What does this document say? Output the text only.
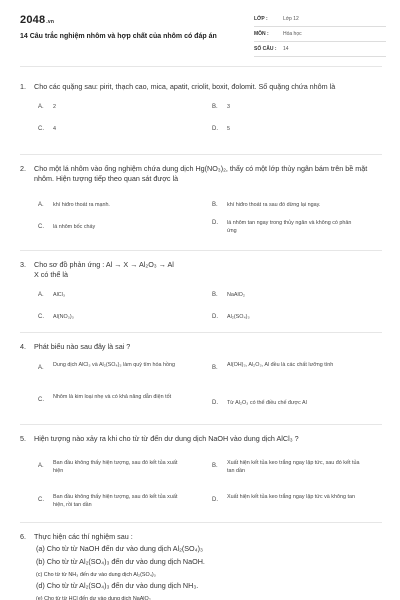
2048.vn
14 Câu trắc nghiệm nhôm và hợp chất của nhôm có đáp án
LỚP :	Lớp 12
MÔN :	Hóa học
SỐ CÂU : 14
1. Cho các quặng sau: pirit, thạch cao, mica, apatit, criolit, boxit, đolomit. Số quặng chứa nhôm là
A.	2	B.	3
C.	4	D.	5
2. Cho một lá nhôm vào ống nghiệm chứa dung dịch Hg(NO₃)₂, thấy có một lớp thủy ngân bám trên bề mặt nhôm. Hiện tượng tiếp theo quan sát được là
A.	khí hiđro thoát ra mạnh.	B.	khí hiđro thoát ra sau đó dừng lại ngay.
C.	lá nhôm bốc cháy
D.	lá nhôm tan ngay trong thủy ngân và không có phản ứng
3. Cho sơ đồ phản ứng : Al → X → Al₂O₃ → Al
X có thể là
A.	AlCl₃	B.	NaAlO₂
C.	Al(NO₃)₃	D.	Al₂(SO₄)₃
4. Phát biểu nào sau đây là sai ?
A.	Dung dịch AlCl₃ và Al₂(SO₄)₃ làm quỳ tím hóa hồng	B.	Al(OH)₃, Al₂O₃, Al đều là các chất lưỡng tính
C.	Nhôm là kim loại nhẹ và có khả năng dẫn điện tốt
D.	Từ Al₂O₃ có thể điều chế được Al
5. Hiện tượng nào xảy ra khi cho từ từ đến dư dung dịch NaOH vào dung dịch AlCl₃ ?
A.	Ban đầu không thấy hiện tượng, sau đó kết tủa xuất hiện
B.	Xuất hiện kết tủa keo trắng ngay lập tức, sau đó kết tủa tan dần
C.	Ban đầu không thấy hiện tượng, sau đó kết tủa xuất hiện, rồi tan dần
D.	Xuất hiện kết tủa keo trắng ngay lập tức và không tan
6. Thực hiện các thí nghiệm sau :
(a) Cho từ từ NaOH đến dư vào dung dịch Al₂(SO₄)₃
(b) Cho từ từ Al₂(SO₄)₃ đến dư vào dung dịch NaOH.
(c) Cho từ từ NH₃ đến dư vào dung dịch Al₂(SO₄)₃
(d) Cho từ từ Al₂(SO₄)₃ đến dư vào dung dịch NH₃.
(e) Cho từ từ HCl đến dư vào dung dịch NaAlO₂
